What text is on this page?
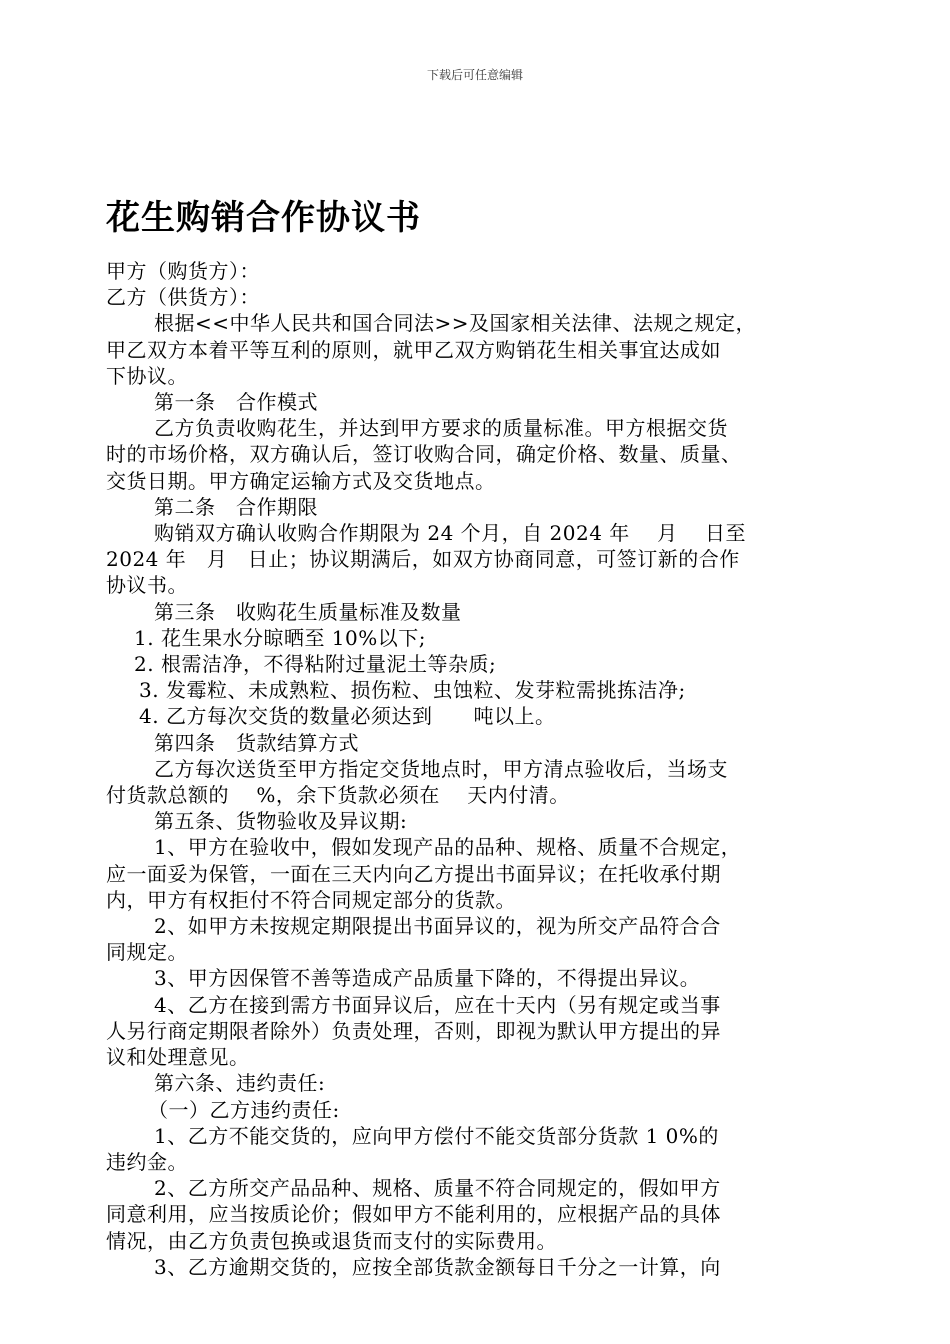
下载后可任意编辑
花生购销合作协议书

甲方（购货方）：

乙方（供货方）：

根据<<中华人民共和国合同法>>及国家相关法律、法规之规定，

甲乙双方本着平等互利的原则，就甲乙双方购销花生相关事宜达成如

下协议。

第一条　合作模式

乙方负责收购花生，并达到甲方要求的质量标准。甲方根据交货

时的市场价格，双方确认后，签订收购合同，确定价格、数量、质量、

交货日期。甲方确定运输方式及交货地点。

第二条　合作期限

购销双方确认收购合作期限为 24 个月，自 2024 年　 月　 日至

2024 年　月　日止；协议期满后，如双方协商同意，可签订新的合作

协议书。

第三条　收购花生质量标准及数量

1. 花生果水分晾晒至 10%以下;

2. 根需洁净，不得粘附过量泥土等杂质;

3. 发霉粒、未成熟粒、损伤粒、虫蚀粒、发芽粒需挑拣洁净;

4. 乙方每次交货的数量必须达到　　吨以上。

第四条　货款结算方式

乙方每次送货至甲方指定交货地点时，甲方清点验收后，当场支

付货款总额的　 %，余下货款必须在　 天内付清。

第五条、货物验收及异议期:

1、甲方在验收中，假如发现产品的品种、规格、质量不合规定，

应一面妥为保管，一面在三天内向乙方提出书面异议；在托收承付期

内，甲方有权拒付不符合同规定部分的货款。

2、如甲方未按规定期限提出书面异议的，视为所交产品符合合

同规定。

3、甲方因保管不善等造成产品质量下降的，不得提出异议。

4、乙方在接到需方书面异议后，应在十天内（另有规定或当事

人另行商定期限者除外）负责处理，否则，即视为默认甲方提出的异

议和处理意见。

第六条、违约责任:

（一）乙方违约责任:

1、乙方不能交货的，应向甲方偿付不能交货部分货款 1 0%的

违约金。

2、乙方所交产品品种、规格、质量不符合同规定的，假如甲方

同意利用，应当按质论价；假如甲方不能利用的，应根据产品的具体

情况，由乙方负责包换或退货而支付的实际费用。

3、乙方逾期交货的，应按全部货款金额每日千分之一计算，向
